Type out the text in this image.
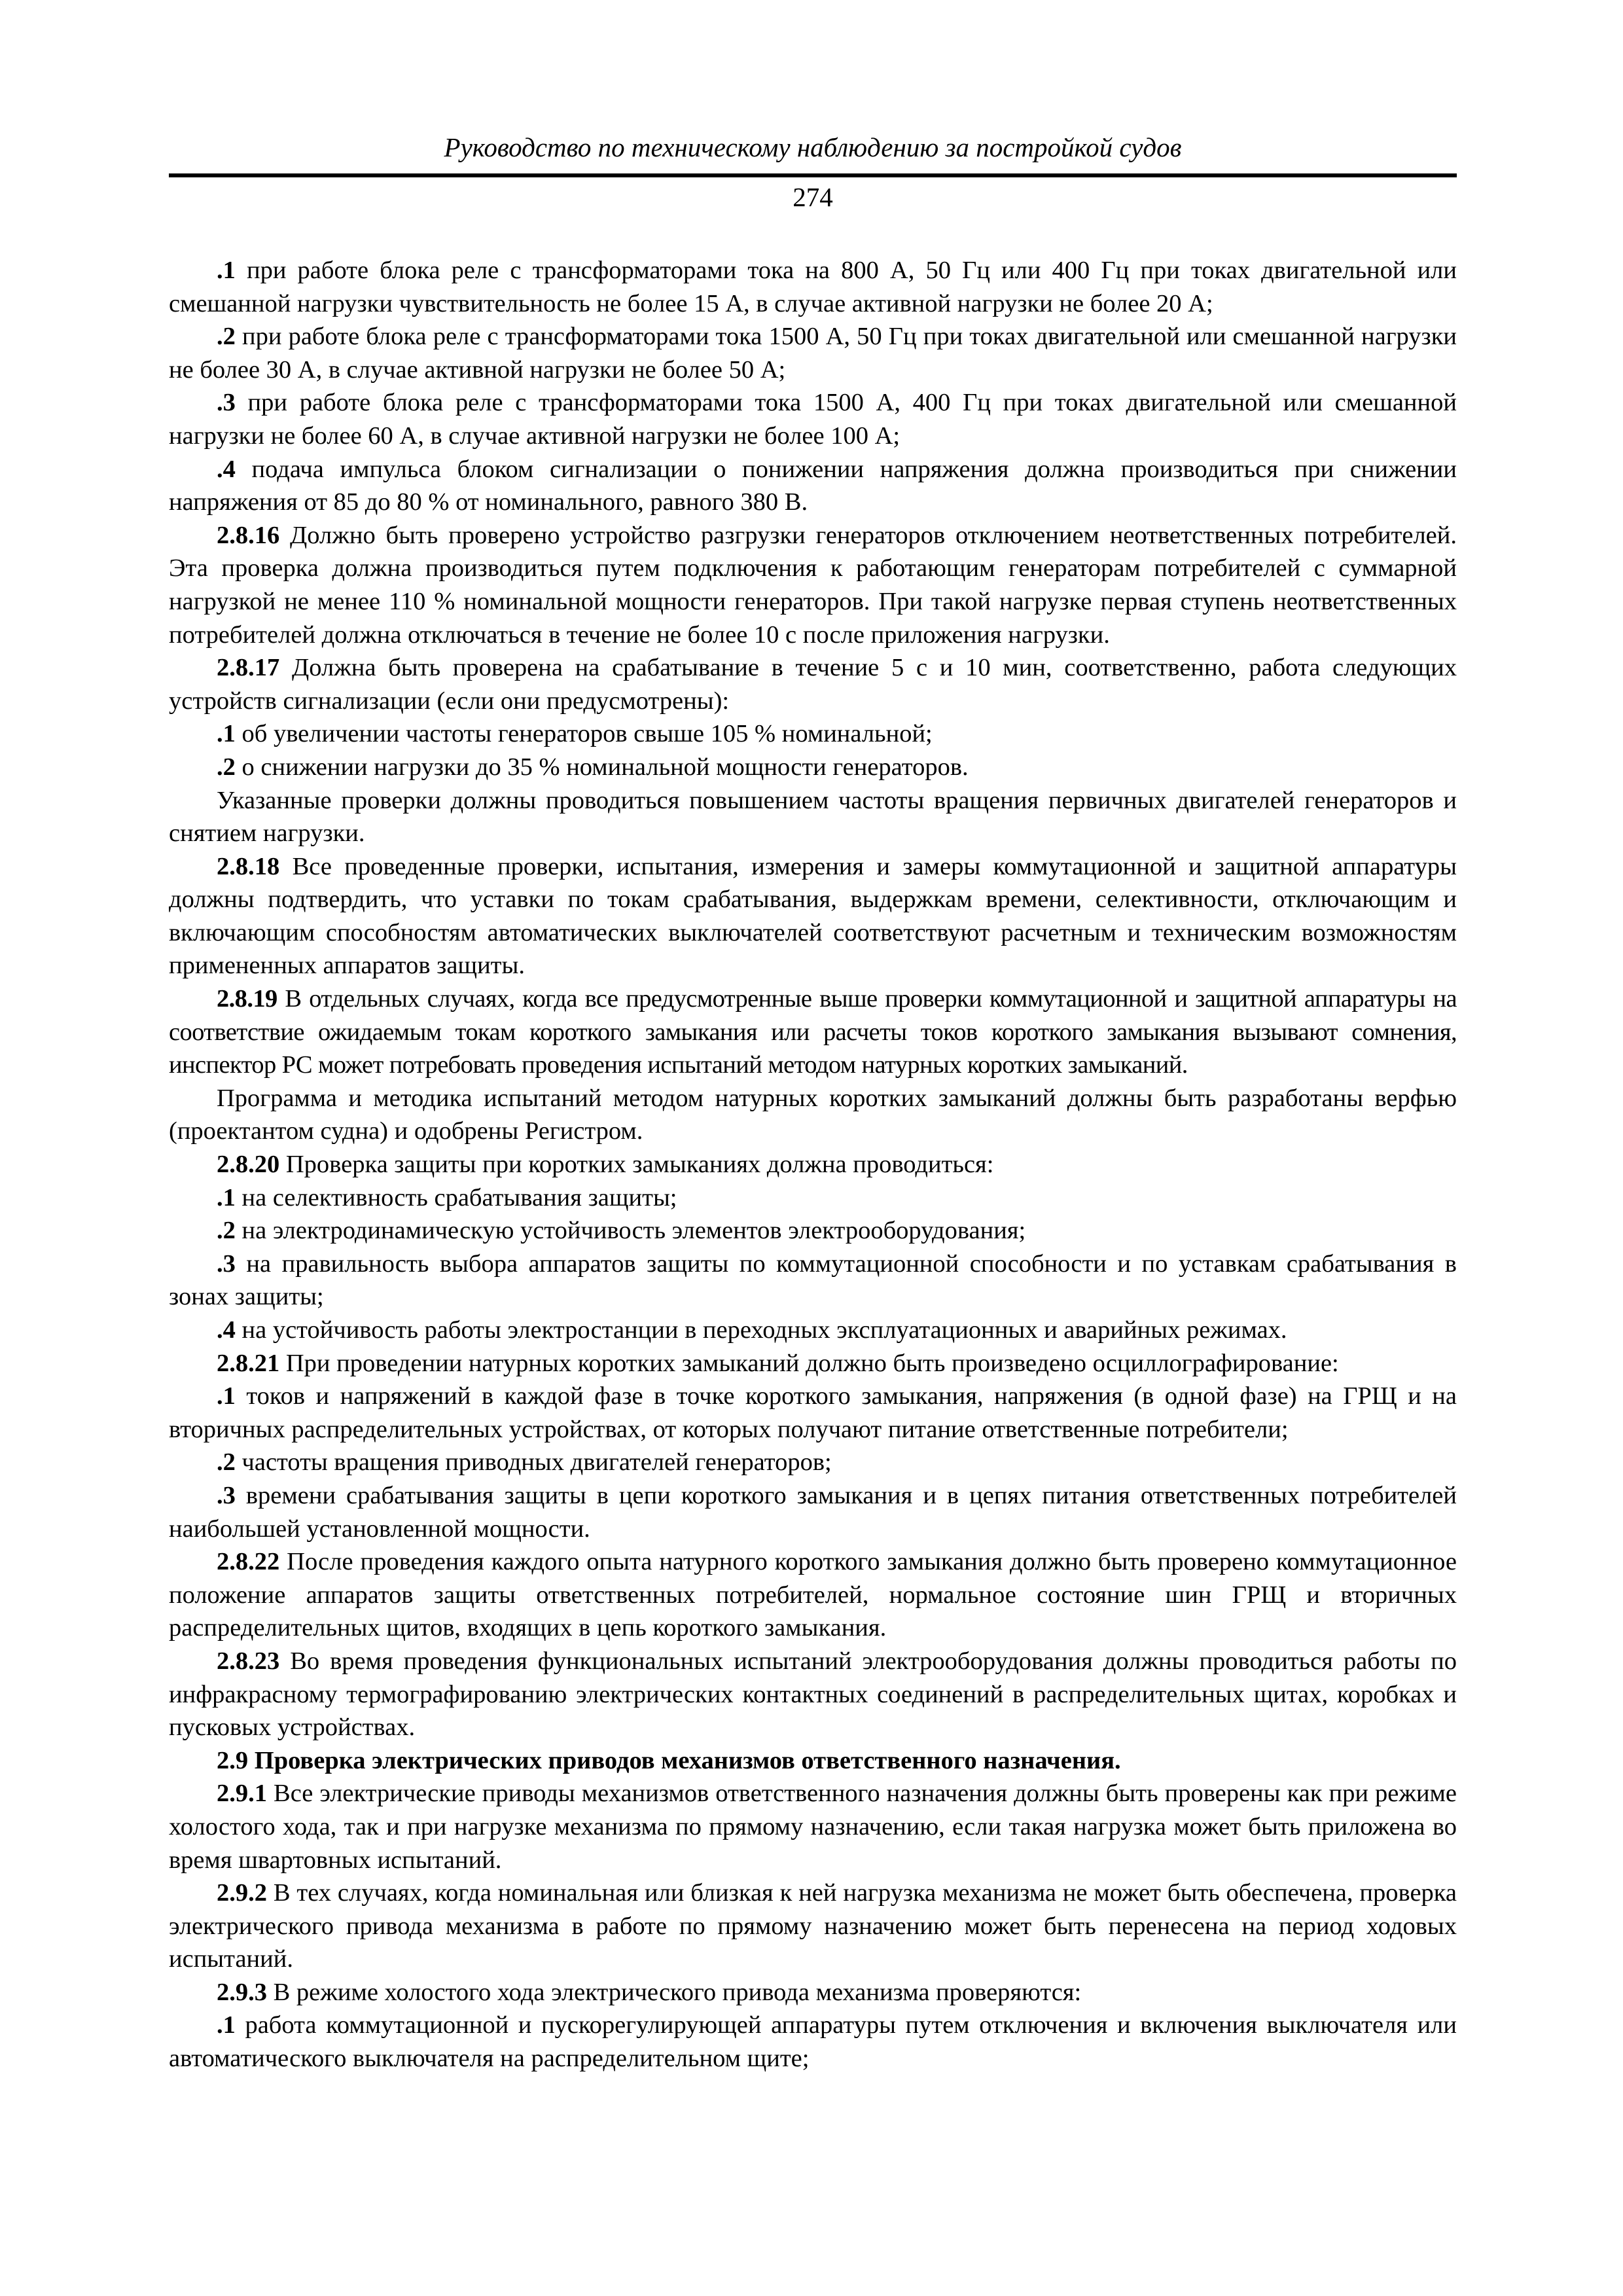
Руководство по техническому наблюдению за постройкой судов
274

.1 при работе блока реле с трансформаторами тока на 800 А, 50 Гц или 400 Гц при токах двигательной или смешанной нагрузки чувствительность не более 15 А, в случае активной нагрузки не более 20 А;

.2 при работе блока реле с трансформаторами тока 1500 А, 50 Гц при токах двигательной или смешанной нагрузки не более 30 А, в случае активной нагрузки не более 50 А;

.3 при работе блока реле с трансформаторами тока 1500 А, 400 Гц при токах двигательной или смешанной нагрузки не более 60 А, в случае активной нагрузки не более 100 А;

.4 подача импульса блоком сигнализации о понижении напряжения должна производиться при снижении напряжения от 85 до 80 % от номинального, равного 380 В.

2.8.16 Должно быть проверено устройство разгрузки генераторов отключением неответственных потребителей. Эта проверка должна производиться путем подключения к работающим генераторам потребителей с суммарной нагрузкой не менее 110 % номинальной мощности генераторов. При такой нагрузке первая ступень неответственных потребителей должна отключаться в течение не более 10 с после приложения нагрузки.

2.8.17 Должна быть проверена на срабатывание в течение 5 с и 10 мин, соответственно, работа следующих устройств сигнализации (если они предусмотрены):

.1 об увеличении частоты генераторов свыше 105 % номинальной;

.2 о снижении нагрузки до 35 % номинальной мощности генераторов.

Указанные проверки должны проводиться повышением частоты вращения первичных двигателей генераторов и снятием нагрузки.

2.8.18 Все проведенные проверки, испытания, измерения и замеры коммутационной и защитной аппаратуры должны подтвердить, что уставки по токам срабатывания, выдержкам времени, селективности, отключающим и включающим способностям автоматических выключателей соответствуют расчетным и техническим возможностям примененных аппаратов защиты.

2.8.19 В отдельных случаях, когда все предусмотренные выше проверки коммутационной и защитной аппаратуры на соответствие ожидаемым токам короткого замыкания или расчеты токов короткого замыкания вызывают сомнения, инспектор РС может потребовать проведения испытаний методом натурных коротких замыканий.

Программа и методика испытаний методом натурных коротких замыканий должны быть разработаны верфью (проектантом судна) и одобрены Регистром.

2.8.20 Проверка защиты при коротких замыканиях должна проводиться:

.1 на селективность срабатывания защиты;

.2 на электродинамическую устойчивость элементов электрооборудования;

.3 на правильность выбора аппаратов защиты по коммутационной способности и по уставкам срабатывания в зонах защиты;

.4 на устойчивость работы электростанции в переходных эксплуатационных и аварийных режимах.

2.8.21 При проведении натурных коротких замыканий должно быть произведено осциллографирование:

.1 токов и напряжений в каждой фазе в точке короткого замыкания, напряжения (в одной фазе) на ГРЩ и на вторичных распределительных устройствах, от которых получают питание ответственные потребители;

.2 частоты вращения приводных двигателей генераторов;

.3 времени срабатывания защиты в цепи короткого замыкания и в цепях питания ответственных потребителей наибольшей установленной мощности.

2.8.22 После проведения каждого опыта натурного короткого замыкания должно быть проверено коммутационное положение аппаратов защиты ответственных потребителей, нормальное состояние шин ГРЩ и вторичных распределительных щитов, входящих в цепь короткого замыкания.

2.8.23 Во время проведения функциональных испытаний электрооборудования должны проводиться работы по инфракрасному термографированию электрических контактных соединений в распределительных щитах, коробках и пусковых устройствах.

2.9 Проверка электрических приводов механизмов ответственного назначения.

2.9.1 Все электрические приводы механизмов ответственного назначения должны быть проверены как при режиме холостого хода, так и при нагрузке механизма по прямому назначению, если такая нагрузка может быть приложена во время швартовных испытаний.

2.9.2 В тех случаях, когда номинальная или близкая к ней нагрузка механизма не может быть обеспечена, проверка электрического привода механизма в работе по прямому назначению может быть перенесена на период ходовых испытаний.

2.9.3 В режиме холостого хода электрического привода механизма проверяются:

.1 работа коммутационной и пускорегулирующей аппаратуры путем отключения и включения выключателя или автоматического выключателя на распределительном щите;
